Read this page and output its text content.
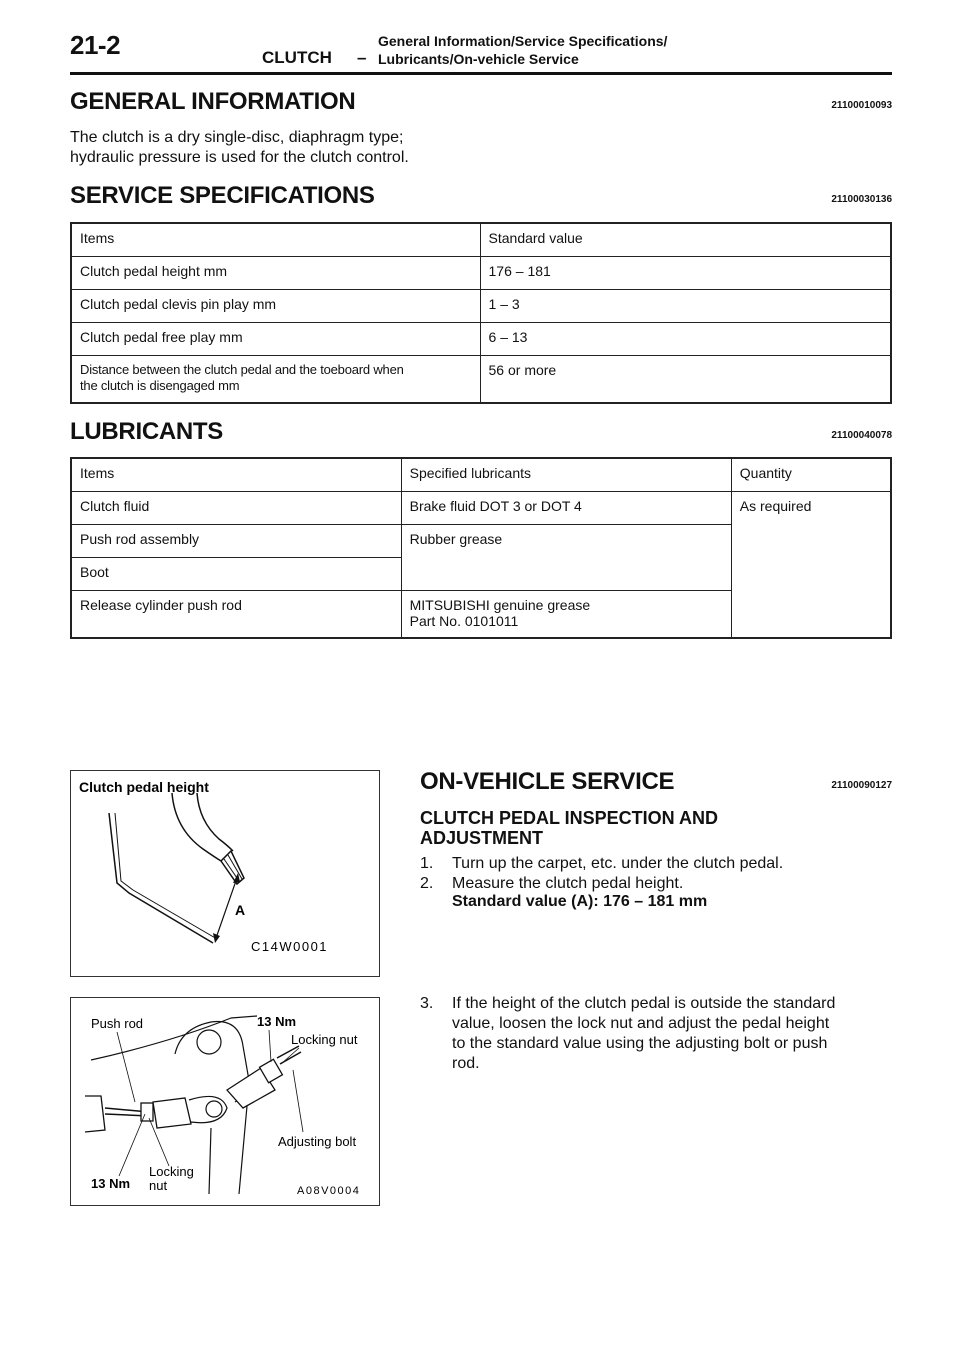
21-2	CLUTCH –
General Information/Service Specifications/
Lubricants/On-vehicle Service
GENERAL INFORMATION	21100010093
The clutch is a dry single-disc, diaphragm type;
hydraulic pressure is used for the clutch control.
SERVICE SPECIFICATIONS	21100030136
Items	Standard value
Clutch pedal height mm	176 – 181
Clutch pedal clevis pin play mm	1 – 3
Clutch pedal free play mm	6 – 13

Distance between the clutch pedal and the toeboard when
the clutch is disengaged mm	56 or more
LUBRICANTS	21100040078
Items	Specified lubricants	Quantity
Clutch fluid	Brake fluid DOT 3 or DOT 4	As required
Push rod assembly	Rubber grease	
Boot		
Release cylinder push rod	MITSUBISHI genuine grease
Part No. 0101011	
Clutch pedal height
A
C14W0001
Push rod	13 Nm
Locking nut
Adjusting bolt
Locking
nut
13 Nm	A08V0004
ON-VEHICLE SERVICE	21100090127
CLUTCH PEDAL INSPECTION AND
ADJUSTMENT
1. Turn up the carpet, etc. under the clutch pedal.
2. Measure the clutch pedal height.
Standard value (A): 176 – 181 mm
3. If the height of the clutch pedal is outside the standard
value, loosen the lock nut and adjust the pedal height
to the standard value using the adjusting bolt or push
rod.
